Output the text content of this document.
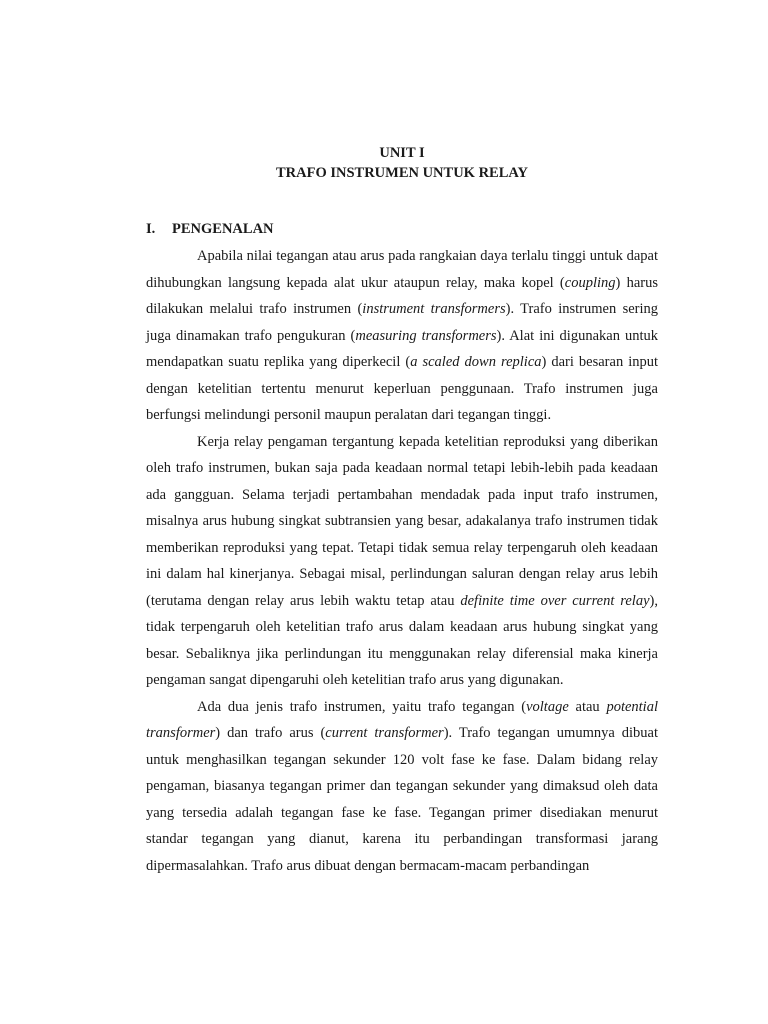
UNIT I

TRAFO INSTRUMEN UNTUK RELAY

I. PENGENALAN

Apabila nilai tegangan atau arus pada rangkaian daya terlalu tinggi untuk dapat dihubungkan langsung kepada alat ukur ataupun relay, maka kopel (coupling) harus dilakukan melalui trafo instrumen (instrument transformers). Trafo instrumen sering juga dinamakan trafo pengukuran (measuring transformers). Alat ini digunakan untuk mendapatkan suatu replika yang diperkecil (a scaled down replica) dari besaran input dengan ketelitian tertentu menurut keperluan penggunaan. Trafo instrumen juga berfungsi melindungi personil maupun peralatan dari tegangan tinggi.

Kerja relay pengaman tergantung kepada ketelitian reproduksi yang diberikan oleh trafo instrumen, bukan saja pada keadaan normal tetapi lebih-lebih pada keadaan ada gangguan. Selama terjadi pertambahan mendadak pada input trafo instrumen, misalnya arus hubung singkat subtransien yang besar, adakalanya trafo instrumen tidak memberikan reproduksi yang tepat. Tetapi tidak semua relay terpengaruh oleh keadaan ini dalam hal kinerjanya. Sebagai misal, perlindungan saluran dengan relay arus lebih (terutama dengan relay arus lebih waktu tetap atau definite time over current relay), tidak terpengaruh oleh ketelitian trafo arus dalam keadaan arus hubung singkat yang besar. Sebaliknya jika perlindungan itu menggunakan relay diferensial maka kinerja pengaman sangat dipengaruhi oleh ketelitian trafo arus yang digunakan.

Ada dua jenis trafo instrumen, yaitu trafo tegangan (voltage atau potential transformer) dan trafo arus (current transformer). Trafo tegangan umumnya dibuat untuk menghasilkan tegangan sekunder 120 volt fase ke fase. Dalam bidang relay pengaman, biasanya tegangan primer dan tegangan sekunder yang dimaksud oleh data yang tersedia adalah tegangan fase ke fase. Tegangan primer disediakan menurut standar tegangan yang dianut, karena itu perbandingan transformasi jarang dipermasalahkan. Trafo arus dibuat dengan bermacam-macam perbandingan
